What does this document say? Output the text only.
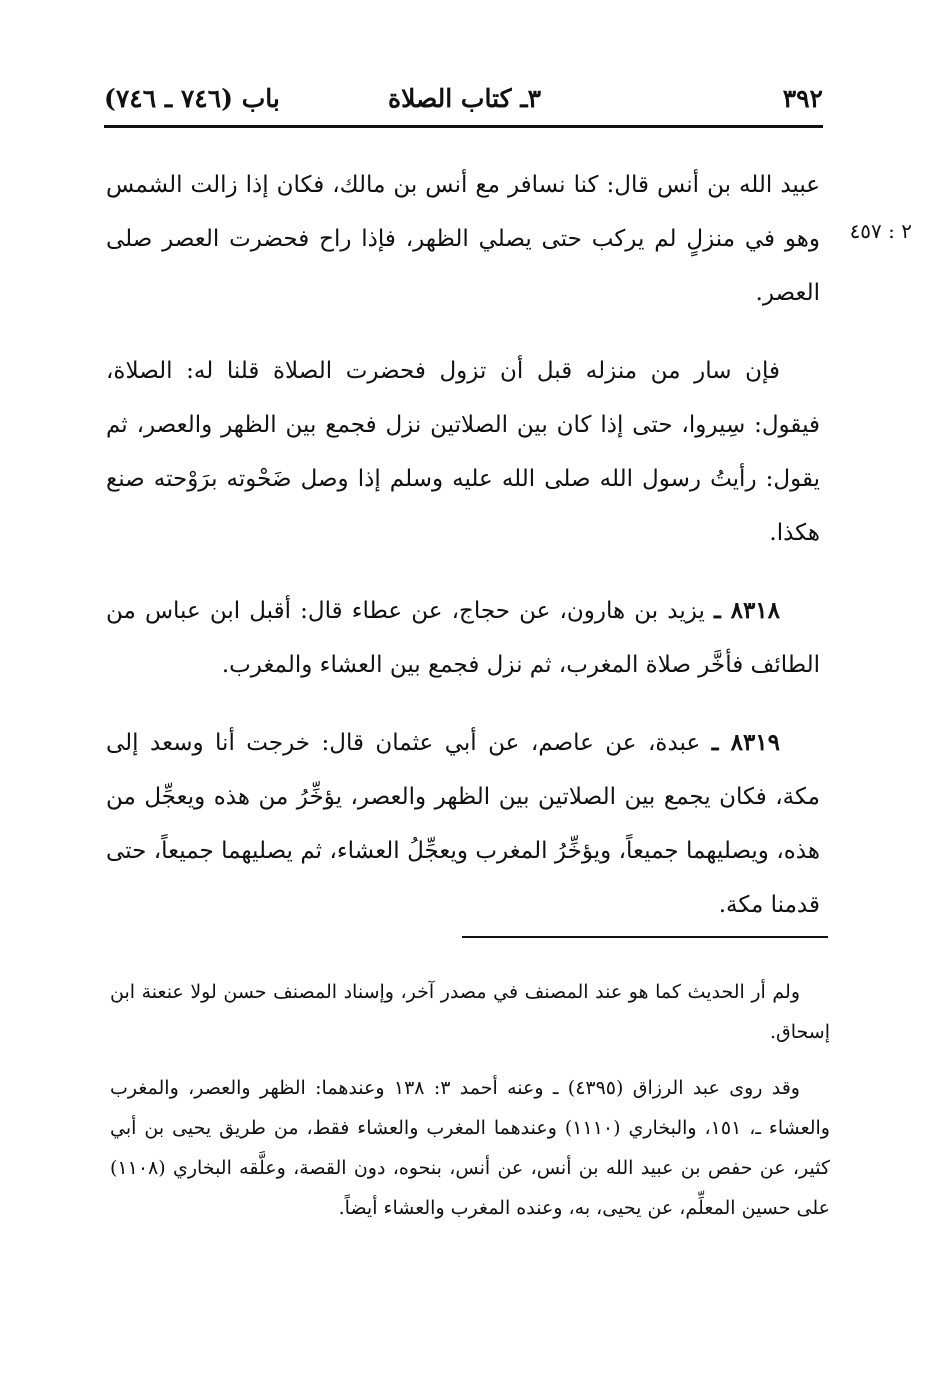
٣٩٢
٣ـ كتاب الصلاة
باب (٧٤٦ ـ ٧٤٦)
٢ : ٤٥٧

عبيد الله بن أنس قال: كنا نسافر مع أنس بن مالك، فكان إذا زالت الشمس وهو في منزلٍ لم يركب حتى يصلي الظهر، فإذا راح فحضرت العصر صلى العصر.

فإن سار من منزله قبل أن تزول فحضرت الصلاة قلنا له: الصلاة، فيقول: سِيروا، حتى إذا كان بين الصلاتين نزل فجمع بين الظهر والعصر، ثم يقول: رأيتُ رسول الله صلى الله عليه وسلم إذا وصل ضَحْوته برَوْحته صنع هكذا.

٨٣١٨ ـ يزيد بن هارون، عن حجاج، عن عطاء قال: أقبل ابن عباس من الطائف فأخَّر صلاة المغرب، ثم نزل فجمع بين العشاء والمغرب.

٨٣١٩ ـ عبدة، عن عاصم، عن أبي عثمان قال: خرجت أنا وسعد إلى مكة، فكان يجمع بين الصلاتين بين الظهر والعصر، يؤخِّرُ من هذه ويعجِّل من هذه، ويصليهما جميعاً، ويؤخِّرُ المغرب ويعجِّلُ العشاء، ثم يصليهما جميعاً، حتى قدمنا مكة.

ولم أر الحديث كما هو عند المصنف في مصدر آخر، وإسناد المصنف حسن لولا عنعنة ابن إسحاق.

وقد روى عبد الرزاق (٤٣٩٥) ـ وعنه أحمد ٣: ١٣٨ وعندهما: الظهر والعصر، والمغرب والعشاء ـ، ١٥١، والبخاري (١١١٠) وعندهما المغرب والعشاء فقط، من طريق يحيى بن أبي كثير، عن حفص بن عبيد الله بن أنس، عن أنس، بنحوه، دون القصة، وعلَّقه البخاري (١١٠٨) على حسين المعلِّم، عن يحيى، به، وعنده المغرب والعشاء أيضاً.
